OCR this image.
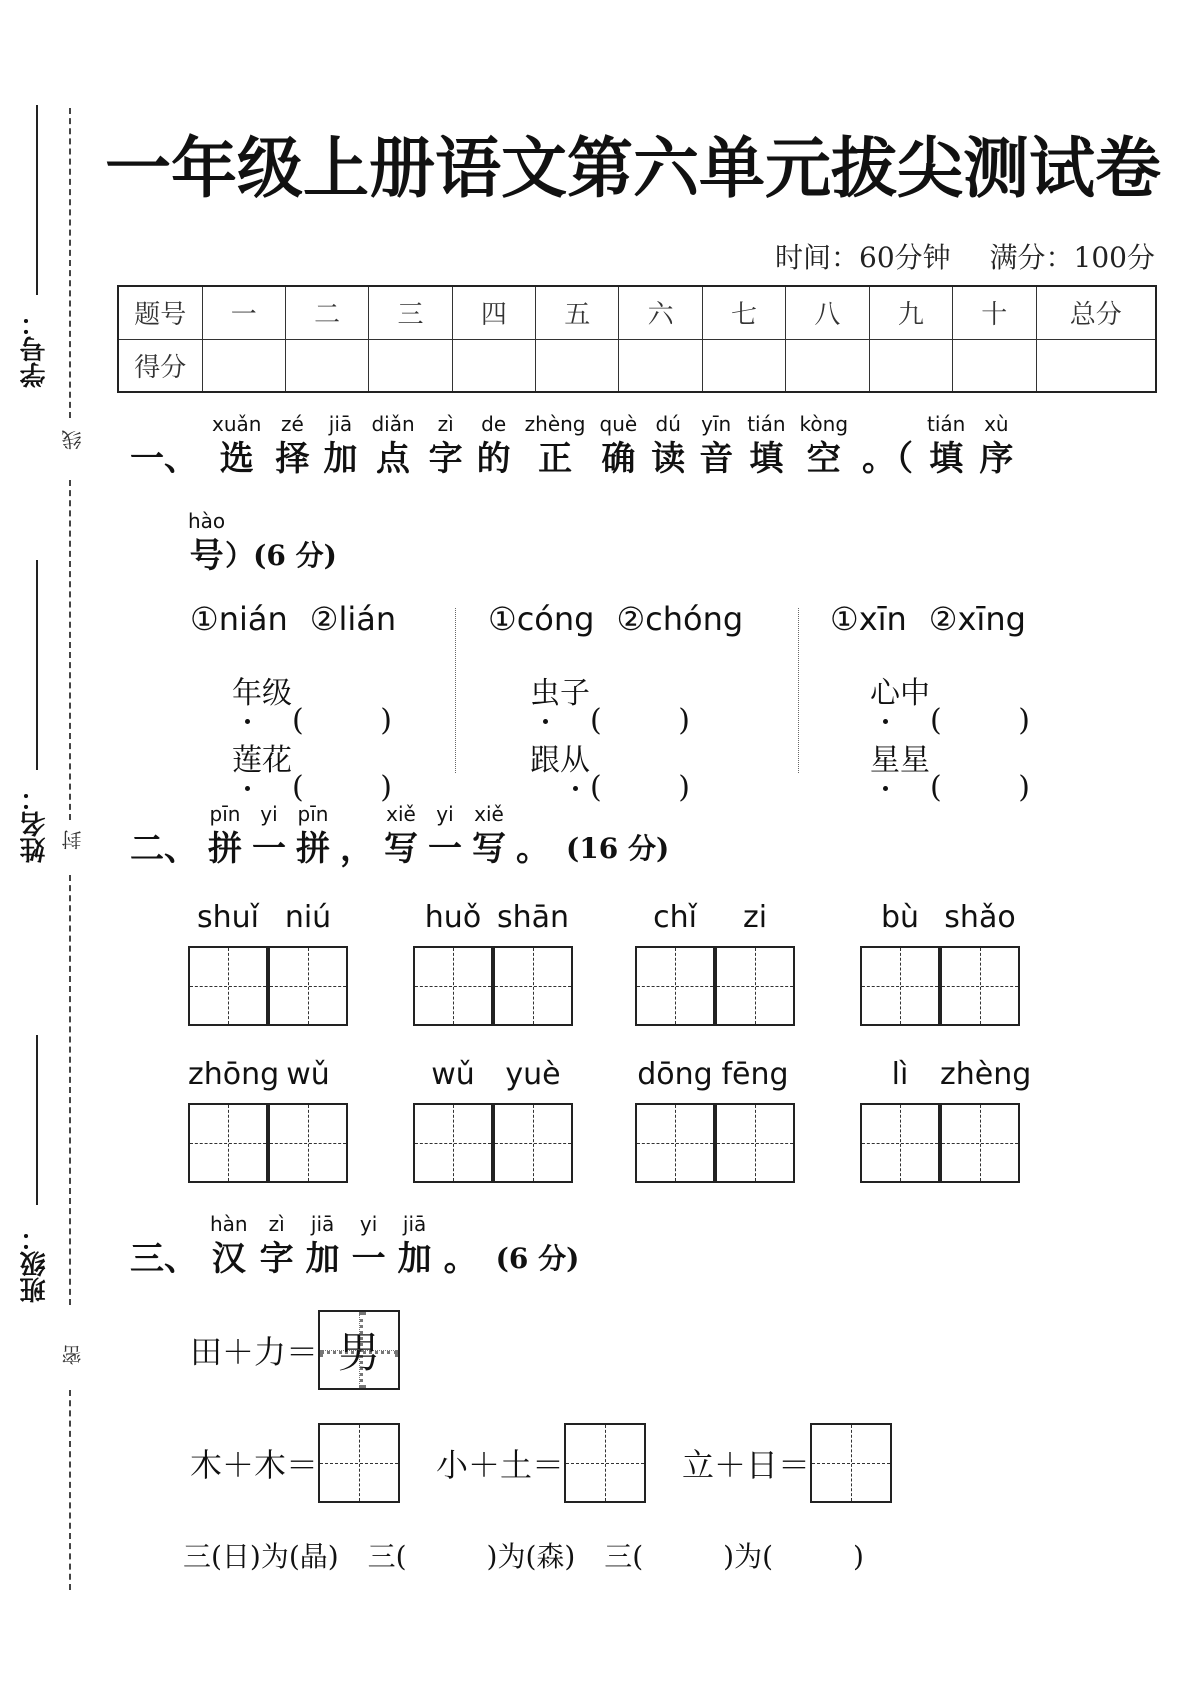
学号：
姓名：
班级：
线
封
密
一年级上册语文第六单元拔尖测试卷
时间：60分钟 满分：100分
题号	一	二	三	四	五	六	七	八	九	十	总分
得分											
一、
xuǎn
选
zé
择
jiā
加
diǎn
点
zì
字
de
的
zhèng
正
què
确
dú
读
yīn
音
tián
填
kòng
空 。（
tián
填
xù
序
hào
号 ）(6 分)
①nián ②lián	①cóng ②chóng	①xīn ②xīng
年级
莲花
虫子
跟从
心中
星星
二、
pīn
拼
yi
一
pīn
拼 ，
xiě
写
yi
一
xiě
写 。 (16 分)
shuǐ niú	huǒ shān	chǐ	zi	bù shǎo
zhōng wǔ	wǔ	yuè	dōng fēng	lì	zhèng
三、
hàn
汉
zì
字
jiā
加
yi
一
jiā
加 。 (6 分)
田＋力＝ 男
木＋木＝	小＋土＝	立＋日＝
三(日)为(晶) 三(	)为(森) 三(	)为(	)
